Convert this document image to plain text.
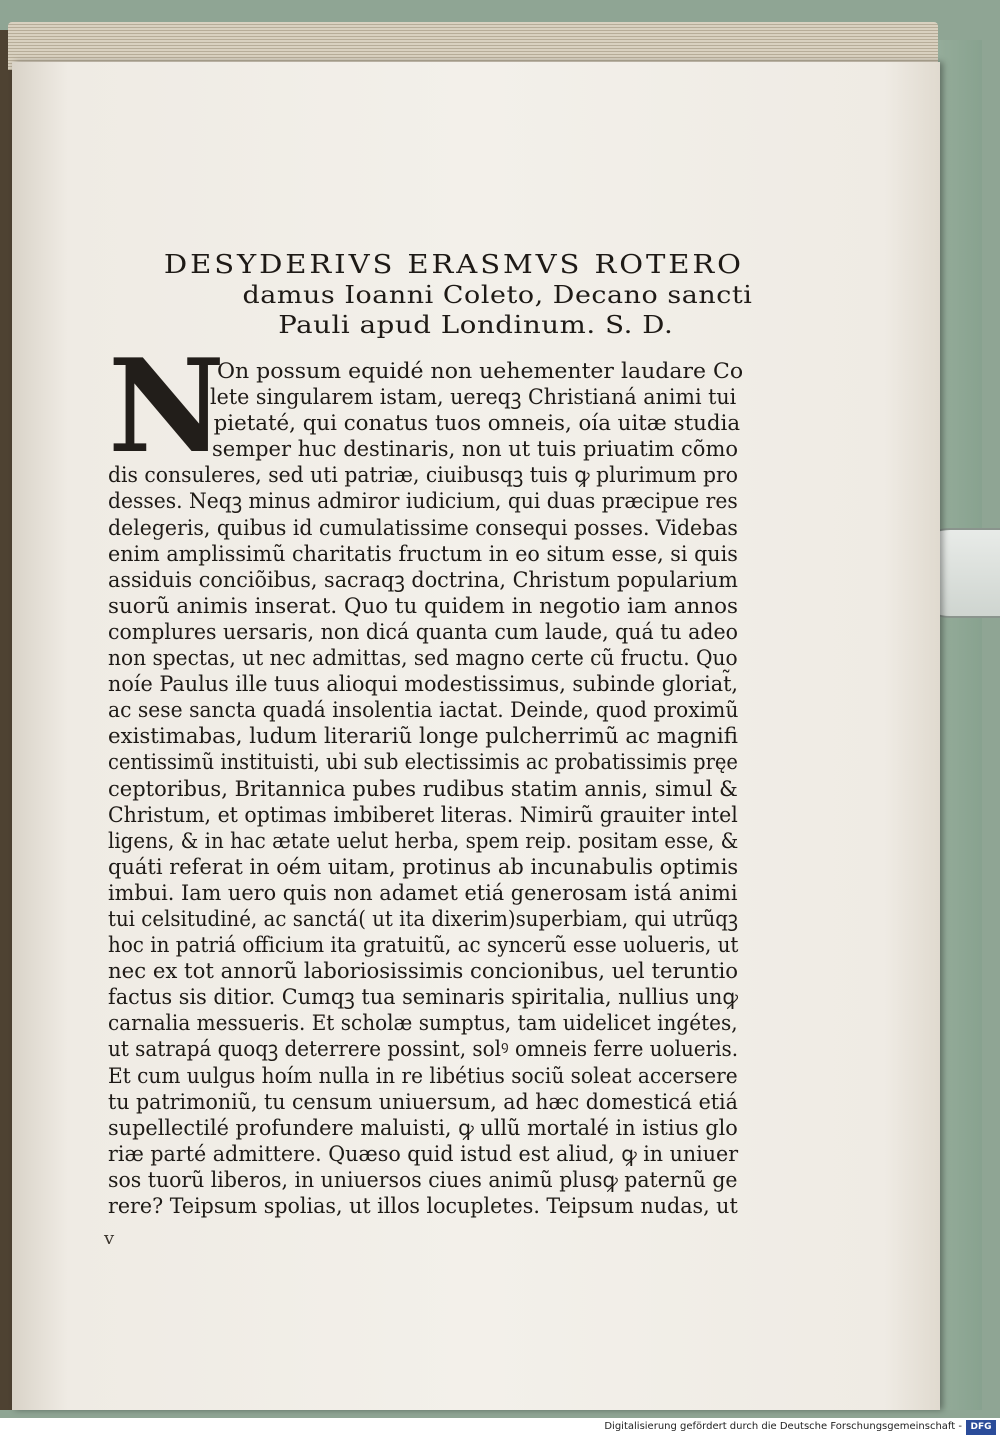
DESYDERIVS ERASMVS ROTERO
damus Ioanni Coleto, Decano sancti
Pauli apud Londinum. S. D.
N
On possum equidé non uehementer laudare Co
lete singularem istam, uereqꝫ Christianá animi tui
pietaté, qui conatus tuos omneis, oía uitæ studia
semper huc destinaris, non ut tuis priuatim cõmo
dis consuleres, sed uti patriæ, ciuibusqꝫ tuis ꝙ plurimum pro
desses. Neqꝫ minus admiror iudicium, qui duas præcipue res
delegeris, quibus id cumulatissime consequi posses. Videbas
enim amplissimũ charitatis fructum in eo situm esse, si quis
assiduis conciõibus, sacraqꝫ doctrina, Christum popularium
suorũ animis inserat. Quo tu quidem in negotio iam annos
complures uersaris, non dicá quanta cum laude, quá tu adeo
non spectas, ut nec admittas, sed magno certe cũ fructu. Quo
noíe Paulus ille tuus alioqui modestissimus, subinde gloriat̃,
ac sese sancta quadá insolentia iactat. Deinde, quod proximũ
existimabas, ludum literariũ longe pulcherrimũ ac magnifi
centissimũ instituisti, ubi sub electissimis ac probatissimis pręe
ceptoribus, Britannica pubes rudibus statim annis, simul &
Christum, et optimas imbiberet literas. Nimirũ grauiter intel
ligens, & in hac ætate uelut herba, spem reip. positam esse, &
quáti referat in oém uitam, protinus ab incunabulis optimis
imbui. Iam uero quis non adamet etiá generosam istá animi
tui celsitudiné, ac sanctá( ut ita dixerim)superbiam, qui utrũqꝫ
hoc in patriá officium ita gratuitũ, ac syncerũ esse uolueris, ut
nec ex tot annorũ laboriosissimis concionibus, uel teruntio
factus sis ditior. Cumqꝫ tua seminaris spiritalia, nullius unꝙ
carnalia messueris. Et scholæ sumptus, tam uidelicet ingétes,
ut satrapá quoqꝫ deterrere possint, solꝰ omneis ferre uolueris.
Et cum uulgus hoím nulla in re libétius sociũ soleat accersere
tu patrimoniũ, tu censum uniuersum, ad hæc domesticá etiá
supellectilé profundere maluisti, ꝙ ullũ mortalé in istius glo
riæ parté admittere. Quæso quid istud est aliud, ꝙ in uniuer
sos tuorũ liberos, in uniuersos ciues animũ plusꝙ paternũ ge
rere? Teipsum spolias, ut illos locupletes. Teipsum nudas, ut
v
Digitalisierung gefördert durch die Deutsche Forschungsgemeinschaft - DFG
